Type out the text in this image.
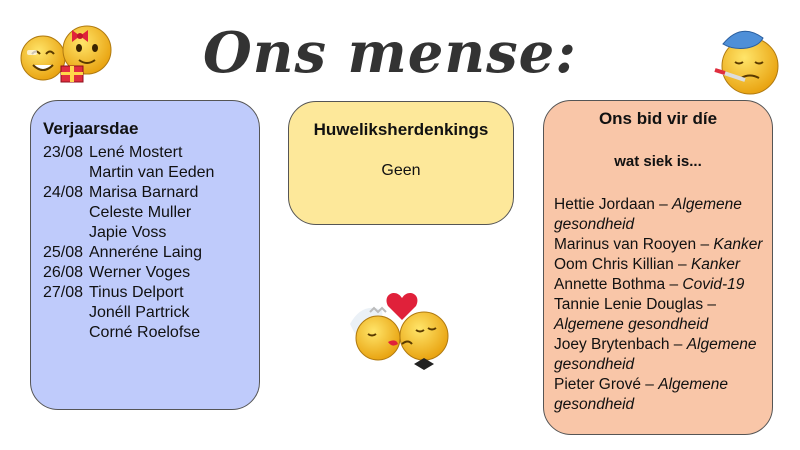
Ons mense:
Verjaarsdae
23/08 Lené Mostert
Martin van Eeden
24/08 Marisa Barnard
Celeste Muller
Japie Voss
25/08 Anneréne Laing
26/08 Werner Voges
27/08 Tinus Delport
Jonéll Partrick
Corné Roelofse
Huweliksherdenkings
Geen
Ons bid vir díe
wat siek is...

Hettie Jordaan – Algemene gesondheid

Marinus van Rooyen – Kanker

Oom Chris Killian – Kanker

Annette Bothma – Covid-19

Tannie Lenie Douglas – Algemene gesondheid

Joey Brytenbach – Algemene gesondheid

Pieter Grové – Algemene gesondheid
